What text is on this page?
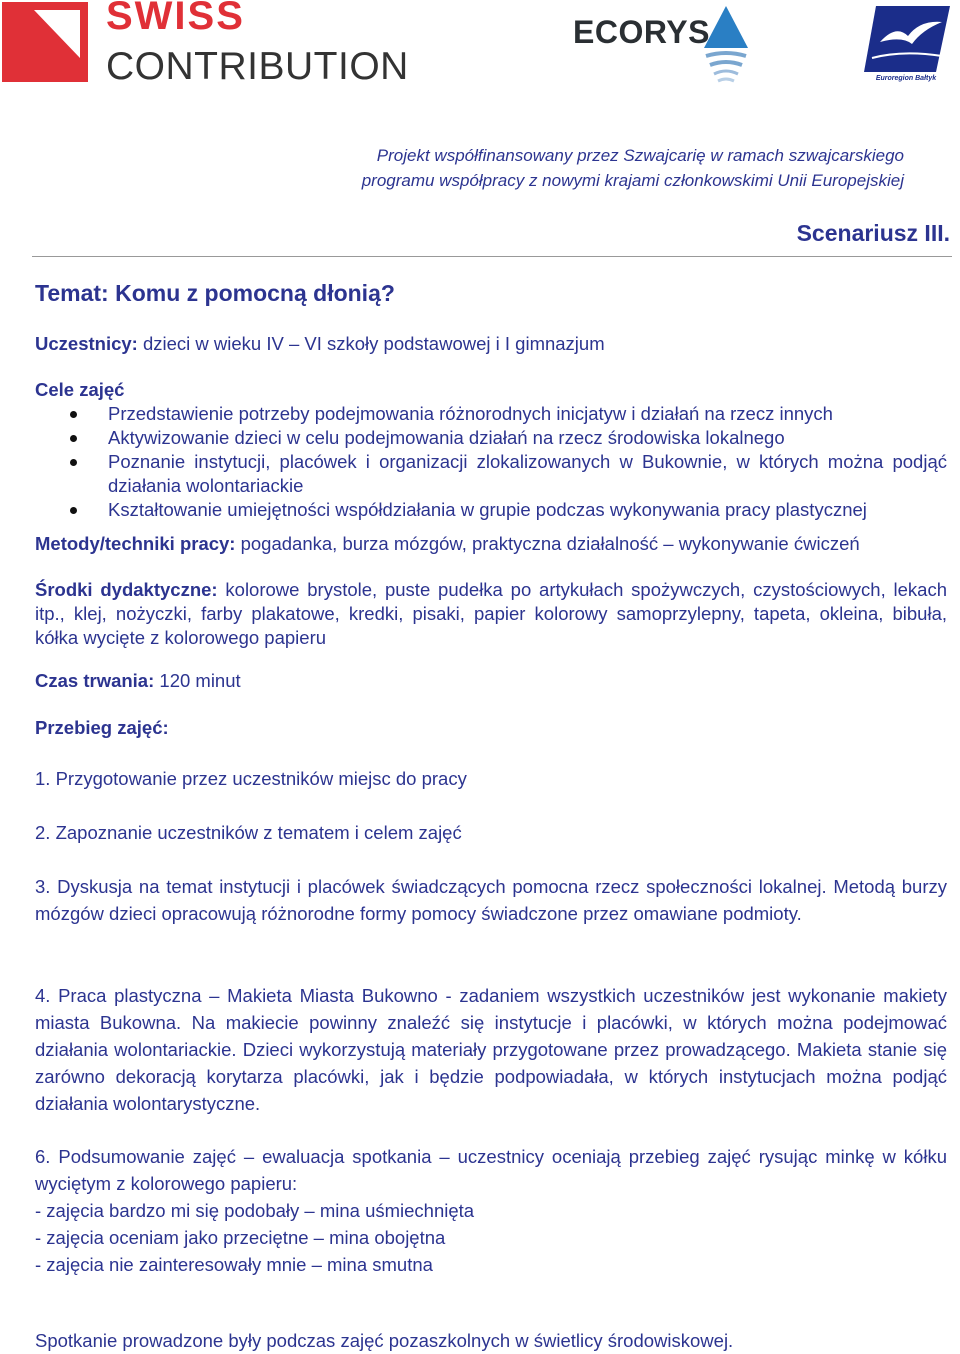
SWISS
CONTRIBUTION
ECORYS
Euroregion Bałtyk
Projekt współfinansowany przez Szwajcarię w ramach szwajcarskiego
programu współpracy z nowymi krajami członkowskimi Unii Europejskiej
Scenariusz III.
Temat: Komu z pomocną dłonią?
Uczestnicy: dzieci w wieku IV – VI szkoły podstawowej i I gimnazjum
Cele zajęć
Przedstawienie potrzeby podejmowania różnorodnych inicjatyw i działań na rzecz innych
Aktywizowanie dzieci w celu podejmowania działań na rzecz środowiska lokalnego
Poznanie instytucji, placówek i organizacji zlokalizowanych w Bukownie, w których można podjąć działania wolontariackie
Kształtowanie umiejętności współdziałania w grupie podczas wykonywania pracy plastycznej
Metody/techniki pracy: pogadanka, burza mózgów, praktyczna działalność – wykonywanie ćwiczeń
Środki dydaktyczne: kolorowe brystole, puste pudełka po artykułach spożywczych, czystościowych, lekach itp., klej, nożyczki, farby plakatowe, kredki, pisaki, papier kolorowy samoprzylepny, tapeta, okleina, bibuła, kółka wycięte z kolorowego papieru
Czas trwania: 120 minut
Przebieg zajęć:
1. Przygotowanie przez uczestników miejsc do pracy
2. Zapoznanie uczestników z tematem i celem zajęć
3. Dyskusja na temat instytucji i placówek świadczących pomocna rzecz społeczności lokalnej. Metodą burzy mózgów dzieci opracowują różnorodne formy pomocy świadczone przez omawiane podmioty.
4. Praca plastyczna – Makieta Miasta Bukowno - zadaniem wszystkich uczestników jest wykonanie makiety miasta Bukowna. Na makiecie powinny znaleźć się instytucje i placówki, w których można podejmować działania wolontariackie. Dzieci wykorzystują materiały przygotowane przez prowadzącego. Makieta stanie się zarówno dekoracją korytarza placówki, jak i będzie podpowiadała, w których instytucjach można podjąć działania wolontarystyczne.
6. Podsumowanie zajęć – ewaluacja spotkania – uczestnicy oceniają przebieg zajęć rysując minkę w kółku wyciętym z kolorowego papieru:
- zajęcia bardzo mi się podobały – mina uśmiechnięta
- zajęcia oceniam jako przeciętne – mina obojętna
- zajęcia nie zainteresowały mnie – mina smutna
Spotkanie prowadzone były podczas zajęć pozaszkolnych w świetlicy środowiskowej.
